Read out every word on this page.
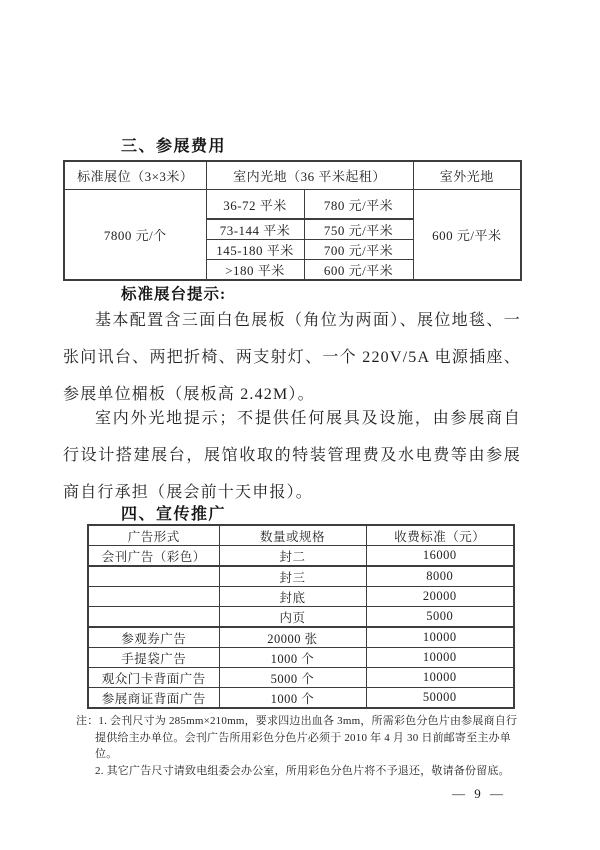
三、参展费用
标准展位（3×3米）	室内光地（36 平米起租）		室外光地
7800 元/个	36-72 平米	780 元/平米	600 元/平米
	73-144 平米	750 元/平米	
	145-180 平米	700 元/平米	
	>180 平米	600 元/平米	
标准展台提示:
基本配置含三面白色展板（角位为两面）、展位地毯、一张问讯台、两把折椅、两支射灯、一个 220V/5A 电源插座、参展单位楣板（展板高 2.42M）。
室内外光地提示；不提供任何展具及设施，由参展商自行设计搭建展台，展馆收取的特装管理费及水电费等由参展商自行承担（展会前十天申报）。
四、宣传推广
广告形式	数量或规格	收费标准（元）
会刊广告（彩色）	封二	16000
	封三	8000
	封底	20000
	内页	5000
参观券广告	20000 张	10000
手提袋广告	1000 个	10000
观众门卡背面广告	5000 个	10000
参展商证背面广告	1000 个	50000
注：1. 会刊尺寸为 285mm×210mm，要求四边出血各 3mm，所需彩色分色片由参展商自行提供给主办单位。会刊广告所用彩色分色片必须于 2010 年 4 月 30 日前邮寄至主办单位。
2. 其它广告尺寸请致电组委会办公室，所用彩色分色片将不予退还，敬请备份留底。
— 9 —
